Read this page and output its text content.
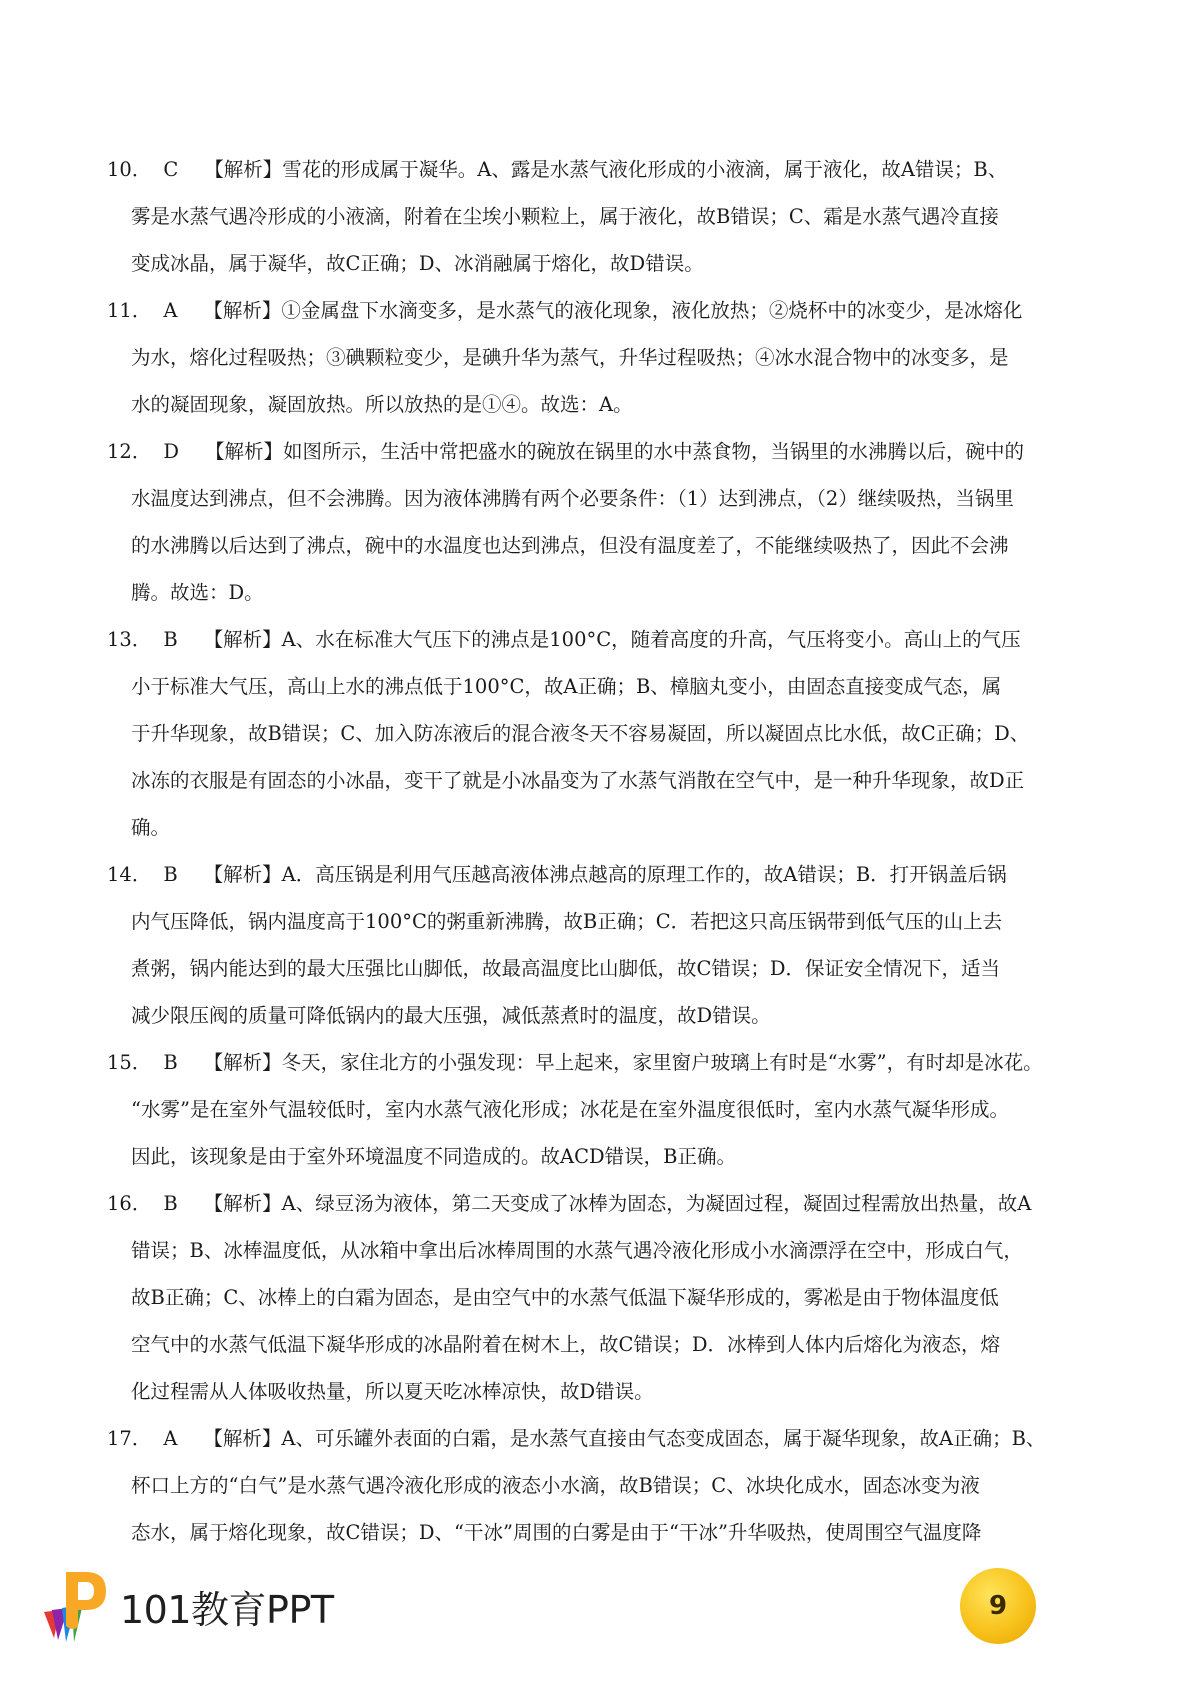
10． C 【解析】雪花的形成属于凝华。A、露是水蒸气液化形成的小液滴，属于液化，故A错误；B、

雾是水蒸气遇冷形成的小液滴，附着在尘埃小颗粒上，属于液化，故B错误；C、霜是水蒸气遇冷直接

变成冰晶，属于凝华，故C正确；D、冰消融属于熔化，故D错误。

11． A 【解析】①金属盘下水滴变多，是水蒸气的液化现象，液化放热；②烧杯中的冰变少，是冰熔化

为水，熔化过程吸热；③碘颗粒变少，是碘升华为蒸气，升华过程吸热；④冰水混合物中的冰变多，是

水的凝固现象，凝固放热。所以放热的是①④。故选：A。

12． D 【解析】如图所示，生活中常把盛水的碗放在锅里的水中蒸食物，当锅里的水沸腾以后，碗中的

水温度达到沸点，但不会沸腾。因为液体沸腾有两个必要条件：（1）达到沸点，（2）继续吸热，当锅里

的水沸腾以后达到了沸点，碗中的水温度也达到沸点，但没有温度差了，不能继续吸热了，因此不会沸

腾。故选：D。

13． B 【解析】A、水在标准大气压下的沸点是100°C，随着高度的升高，气压将变小。高山上的气压

小于标准大气压，高山上水的沸点低于100°C，故A正确；B、樟脑丸变小，由固态直接变成气态，属

于升华现象，故B错误；C、加入防冻液后的混合液冬天不容易凝固，所以凝固点比水低，故C正确；D、

冰冻的衣服是有固态的小冰晶，变干了就是小冰晶变为了水蒸气消散在空气中，是一种升华现象，故D正

确。

14． B 【解析】A．高压锅是利用气压越高液体沸点越高的原理工作的，故A错误；B．打开锅盖后锅

内气压降低，锅内温度高于100°C的粥重新沸腾，故B正确；C．若把这只高压锅带到低气压的山上去

煮粥，锅内能达到的最大压强比山脚低，故最高温度比山脚低，故C错误；D．保证安全情况下，适当

减少限压阀的质量可降低锅内的最大压强，减低蒸煮时的温度，故D错误。

15． B 【解析】冬天，家住北方的小强发现：早上起来，家里窗户玻璃上有时是“水雾”，有时却是冰花。

“水雾”是在室外气温较低时，室内水蒸气液化形成；冰花是在室外温度很低时，室内水蒸气凝华形成。

因此，该现象是由于室外环境温度不同造成的。故ACD错误，B正确。

16． B 【解析】A、绿豆汤为液体，第二天变成了冰棒为固态，为凝固过程，凝固过程需放出热量，故A

错误；B、冰棒温度低，从冰箱中拿出后冰棒周围的水蒸气遇冷液化形成小水滴漂浮在空中，形成白气，

故B正确；C、冰棒上的白霜为固态，是由空气中的水蒸气低温下凝华形成的，雾凇是由于物体温度低

空气中的水蒸气低温下凝华形成的冰晶附着在树木上，故C错误；D．冰棒到人体内后熔化为液态，熔

化过程需从人体吸收热量，所以夏天吃冰棒凉快，故D错误。

17． A 【解析】A、可乐罐外表面的白霜，是水蒸气直接由气态变成固态，属于凝华现象，故A正确；B、

杯口上方的“白气”是水蒸气遇冷液化形成的液态小水滴，故B错误；C、冰块化成水，固态冰变为液

态水，属于熔化现象，故C错误；D、“干冰”周围的白雾是由于“干冰”升华吸热，使周围空气温度降

101教育PPT	9
